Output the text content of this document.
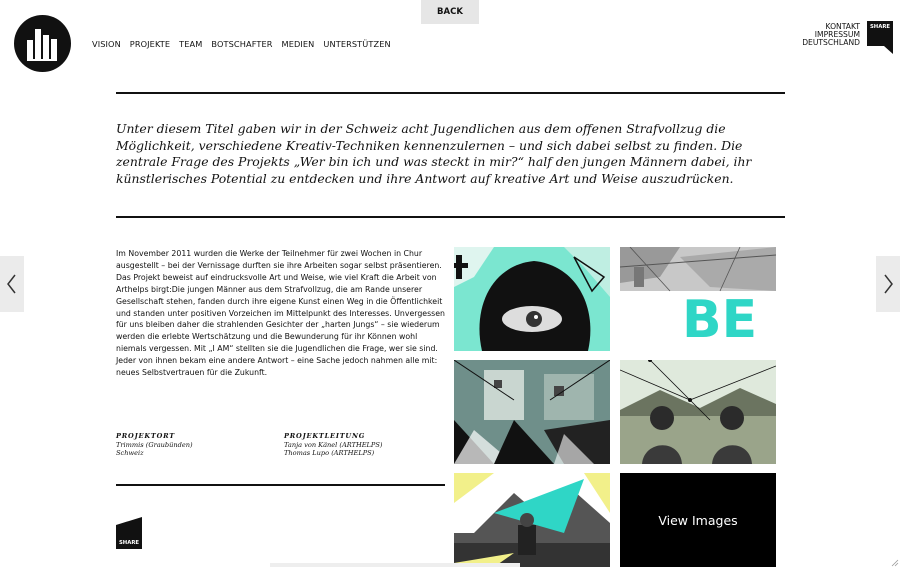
VISION PROJEKTE TEAM BOTSCHAFTER MEDIEN UNTERSTÜTZEN
BACK
KONTAKT
IMPRESSUM
DEUTSCHLAND
SHARE

Unter diesem Titel gaben wir in der Schweiz acht Jugendlichen aus dem offenen Strafvollzug die Möglichkeit, verschiedene Kreativ-Techniken kennenzulernen – und sich dabei selbst zu finden. Die zentrale Frage des Projekts „Wer bin ich und was steckt in mir?“ half den jungen Männern dabei, ihr künstlerisches Potential zu entdecken und ihre Antwort auf kreative Art und Weise auszudrücken.

Im November 2011 wurden die Werke der Teilnehmer für zwei Wochen in Chur ausgestellt – bei der Vernissage durften sie ihre Arbeiten sogar selbst präsentieren.

Das Projekt beweist auf eindrucksvolle Art und Weise, wie viel Kraft die Arbeit von Arthelps birgt:Die jungen Männer aus dem Strafvollzug, die am Rande unserer Gesellschaft stehen, fanden durch ihre eigene Kunst einen Weg in die Öffentlichkeit und standen unter positiven Vorzeichen im Mittelpunkt des Interesses. Unvergessen für uns bleiben daher die strahlenden Gesichter der „harten Jungs“ – sie wiederum werden die erlebte Wertschätzung und die Bewunderung für ihr Können wohl niemals vergessen. Mit „I AM“ stellten sie die Jugendlichen die Frage, wer sie sind. Jeder von ihnen bekam eine andere Antwort – eine Sache jedoch nahmen alle mit: neues Selbstvertrauen für die Zukunft.

PROJEKTORT
Trimmis (Graubünden)
Schweiz
PROJEKTLEITUNG
Tanja von Känel (ARTHELPS)
Thomas Lupo (ARTHELPS)
SHARE
BE
View Images
